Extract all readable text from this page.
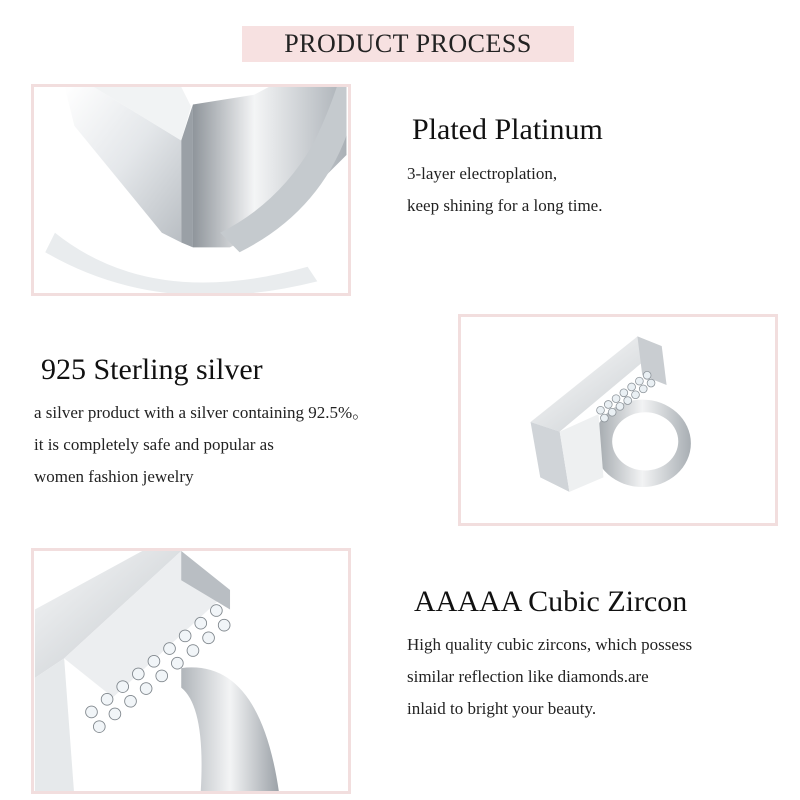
PRODUCT PROCESS
Plated Platinum
3-layer electroplation,
keep shining for a long time.
925 Sterling silver
a silver product with a silver containing 92.5%。
it is completely safe and popular as
women fashion jewelry
AAAAA Cubic Zircon
High quality cubic zircons, which possess
similar reflection like diamonds.are
inlaid to bright your beauty.
